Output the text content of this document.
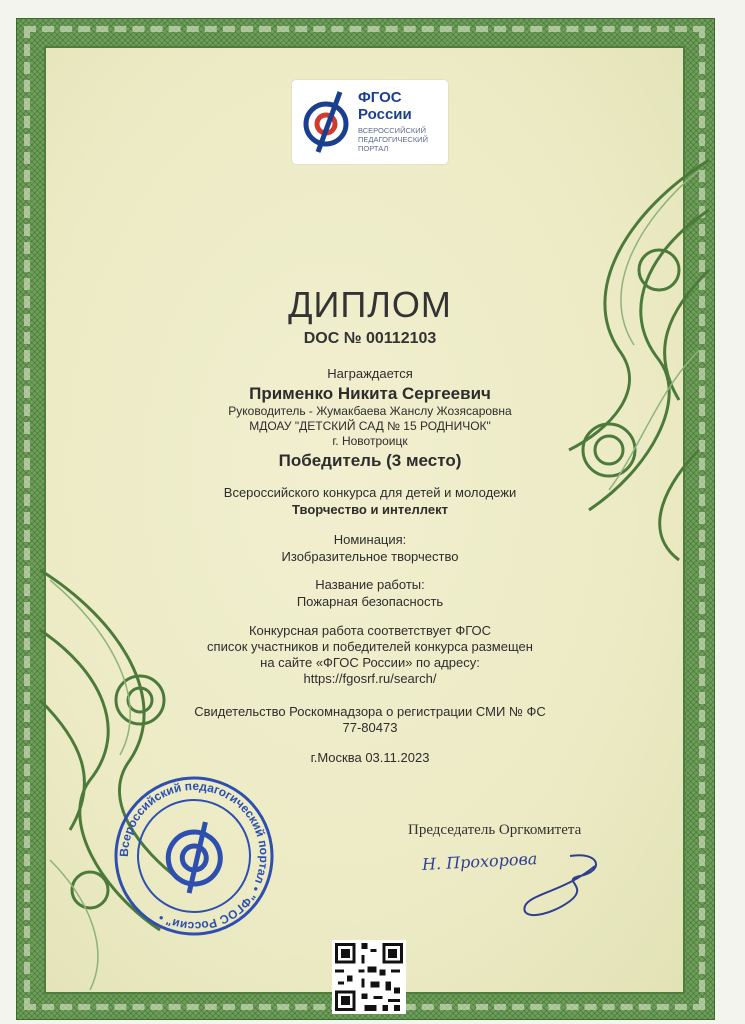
ФГОС
России
ВСЕРОССИЙСКИЙ ПЕДАГОГИЧЕСКИЙ ПОРТАЛ
ДИПЛОМ
DOC № 00112103
Награждается
Применко Никита Сергеевич
Руководитель - Жумакбаева Жанслу Жозясаровна
МДОАУ "ДЕТСКИЙ САД № 15 РОДНИЧОК"
г. Новотроицк
Победитель (3 место)
Всероссийского конкурса для детей и молодежи
Творчество и интеллект
Номинация:
Изобразительное творчество
Название работы:
Пожарная безопасность
Конкурсная работа соответствует ФГОС
список участников и победителей конкурса размещен
на сайте «ФГОС России» по адресу:
https://fgosrf.ru/search/
Свидетельство Роскомнадзора о регистрации СМИ № ФС
77-80473
г.Москва 03.11.2023
Всероссийский педагогический портал • "ФГОС России" •
Председатель Оргкомитета
Н. Прохорова
